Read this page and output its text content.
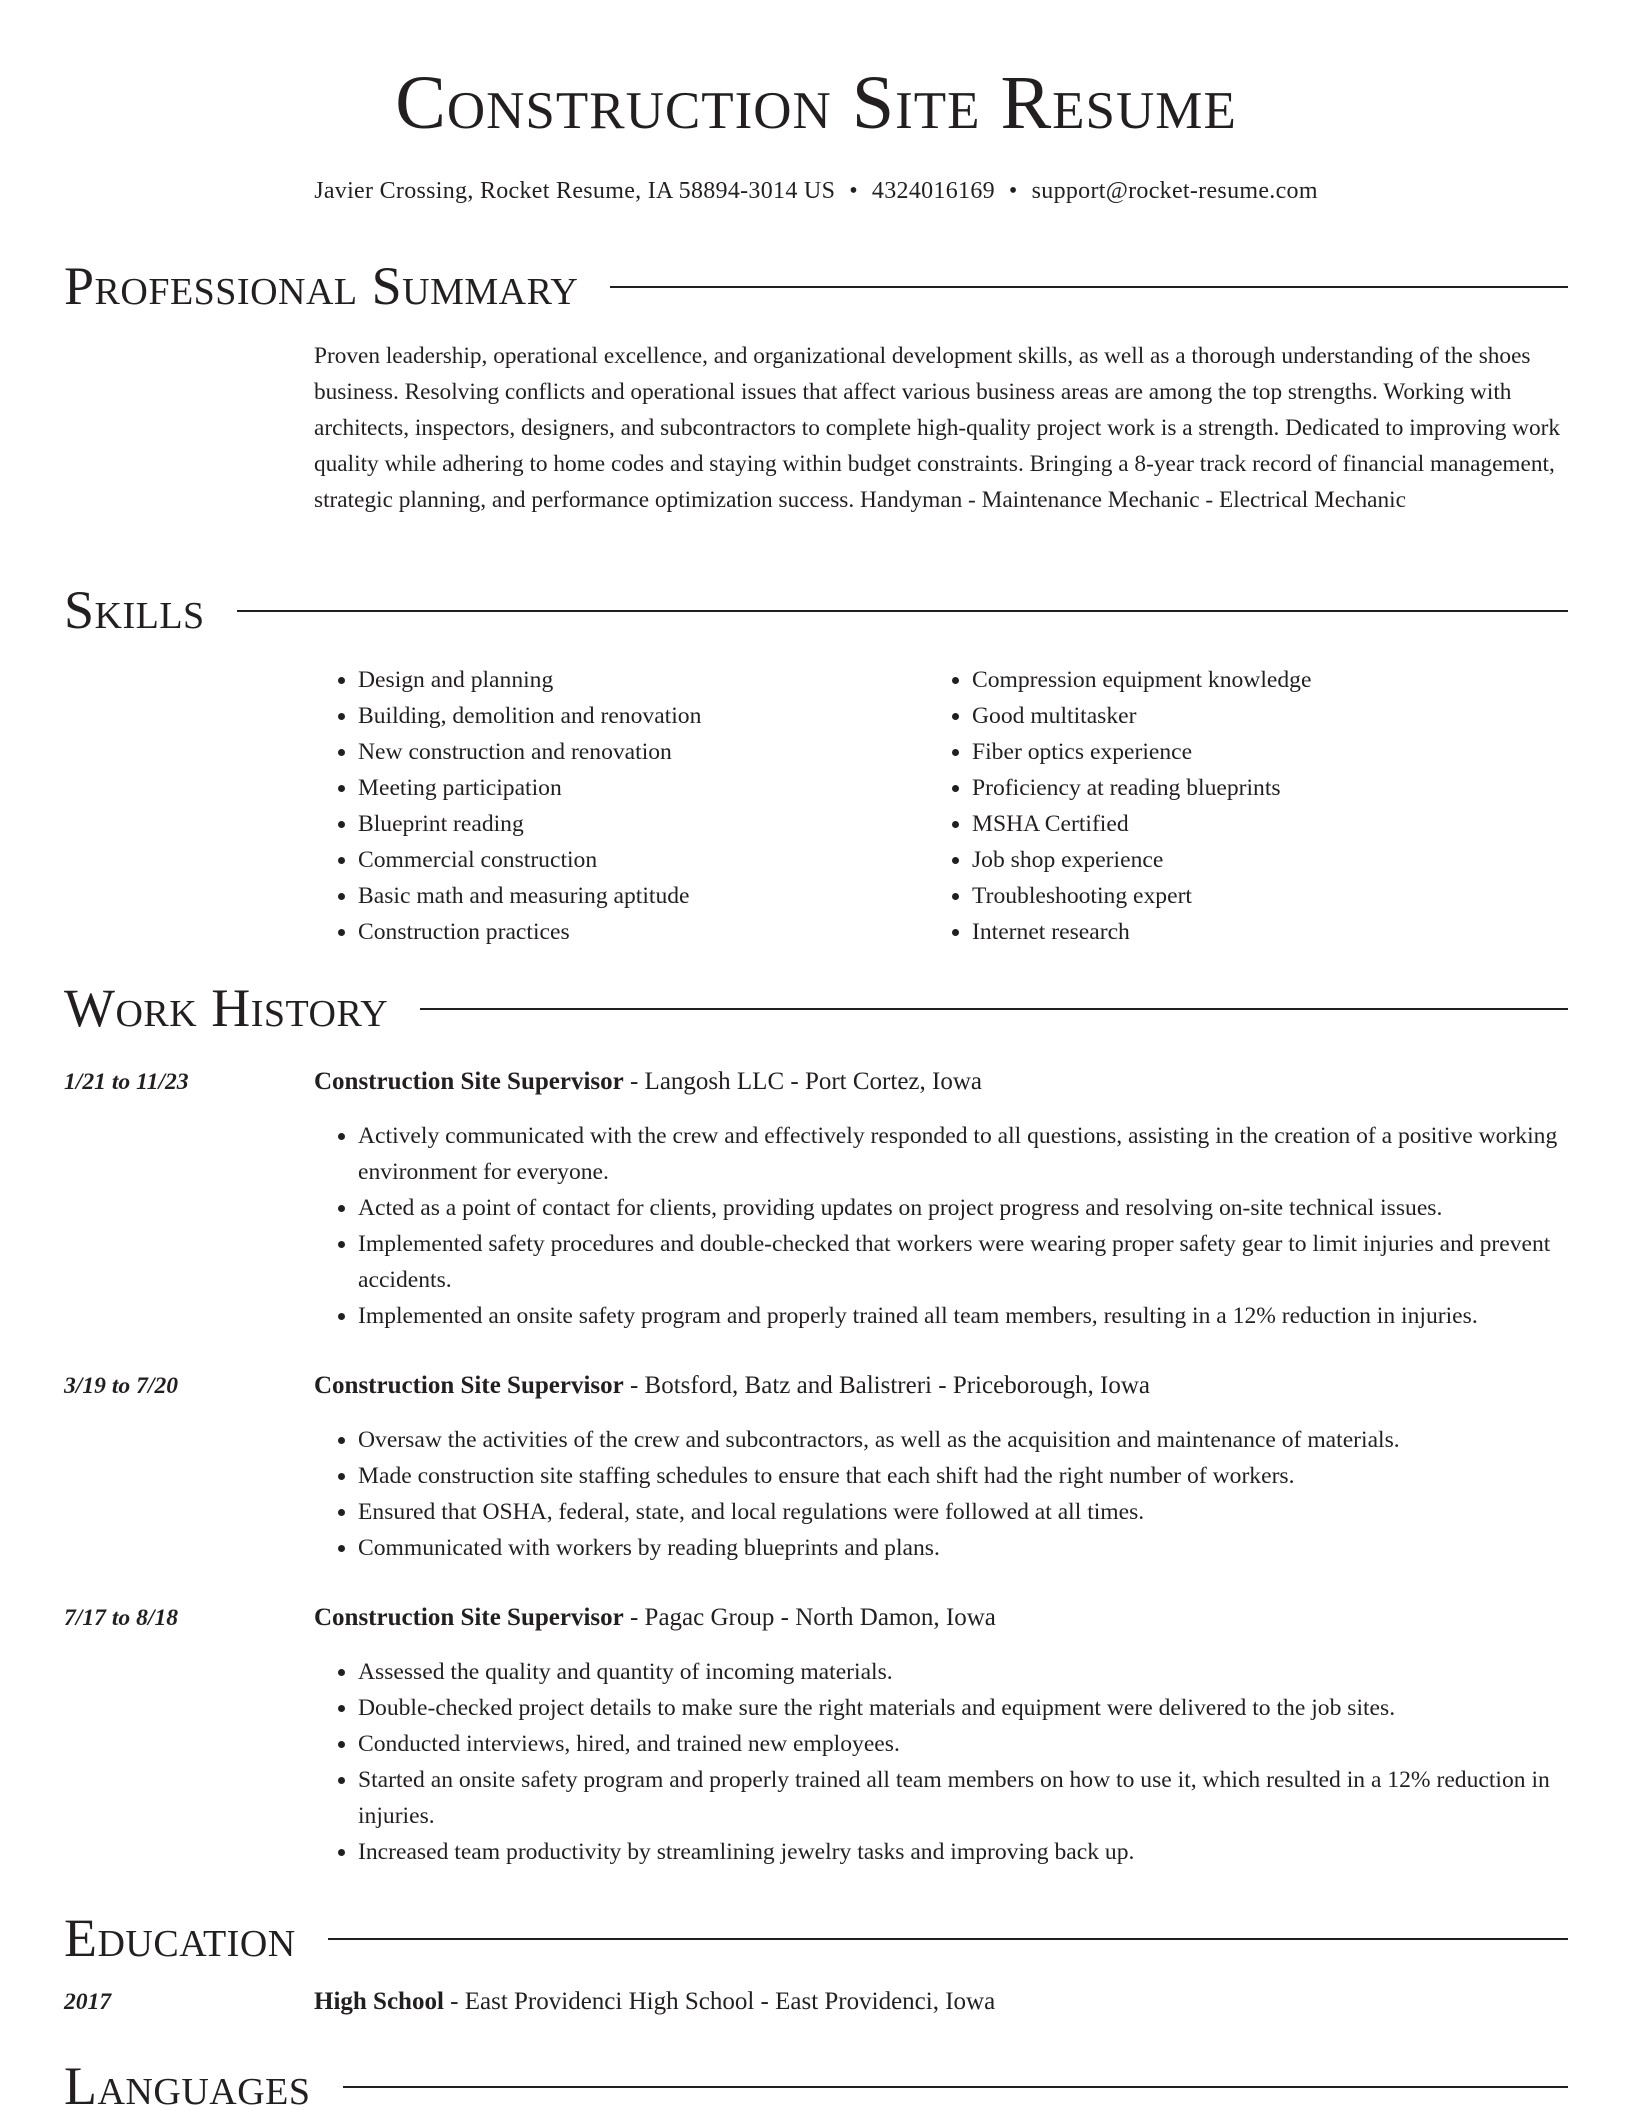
Construction Site Resume
Javier Crossing, Rocket Resume, IA 58894-3014 US • 4324016169 • support@rocket-resume.com
Professional Summary

Proven leadership, operational excellence, and organizational development skills, as well as a thorough understanding of the shoes business. Resolving conflicts and operational issues that affect various business areas are among the top strengths. Working with architects, inspectors, designers, and subcontractors to complete high-quality project work is a strength. Dedicated to improving work quality while adhering to home codes and staying within budget constraints. Bringing a 8-year track record of financial management, strategic planning, and performance optimization success. Handyman - Maintenance Mechanic - Electrical Mechanic

Skills
• Design and planning
• Building, demolition and renovation
• New construction and renovation
• Meeting participation
• Blueprint reading
• Commercial construction
• Basic math and measuring aptitude
• Construction practices
• Compression equipment knowledge
• Good multitasker
• Fiber optics experience
• Proficiency at reading blueprints
• MSHA Certified
• Job shop experience
• Troubleshooting expert
• Internet research
Work History
1/21 to 11/23	Construction Site Supervisor - Langosh LLC - Port Cortez, Iowa
• Actively communicated with the crew and effectively responded to all questions, assisting in the creation of a positive working environment for everyone.
• Acted as a point of contact for clients, providing updates on project progress and resolving on-site technical issues.
• Implemented safety procedures and double-checked that workers were wearing proper safety gear to limit injuries and prevent accidents.
• Implemented an onsite safety program and properly trained all team members, resulting in a 12% reduction in injuries.
3/19 to 7/20	Construction Site Supervisor - Botsford, Batz and Balistreri - Priceborough, Iowa
• Oversaw the activities of the crew and subcontractors, as well as the acquisition and maintenance of materials.
• Made construction site staffing schedules to ensure that each shift had the right number of workers.
• Ensured that OSHA, federal, state, and local regulations were followed at all times.
• Communicated with workers by reading blueprints and plans.
7/17 to 8/18	Construction Site Supervisor - Pagac Group - North Damon, Iowa
• Assessed the quality and quantity of incoming materials.
• Double-checked project details to make sure the right materials and equipment were delivered to the job sites.
• Conducted interviews, hired, and trained new employees.
• Started an onsite safety program and properly trained all team members on how to use it, which resulted in a 12% reduction in injuries.
• Increased team productivity by streamlining jewelry tasks and improving back up.
Education
2017	High School - East Providenci High School - East Providenci, Iowa
Languages
